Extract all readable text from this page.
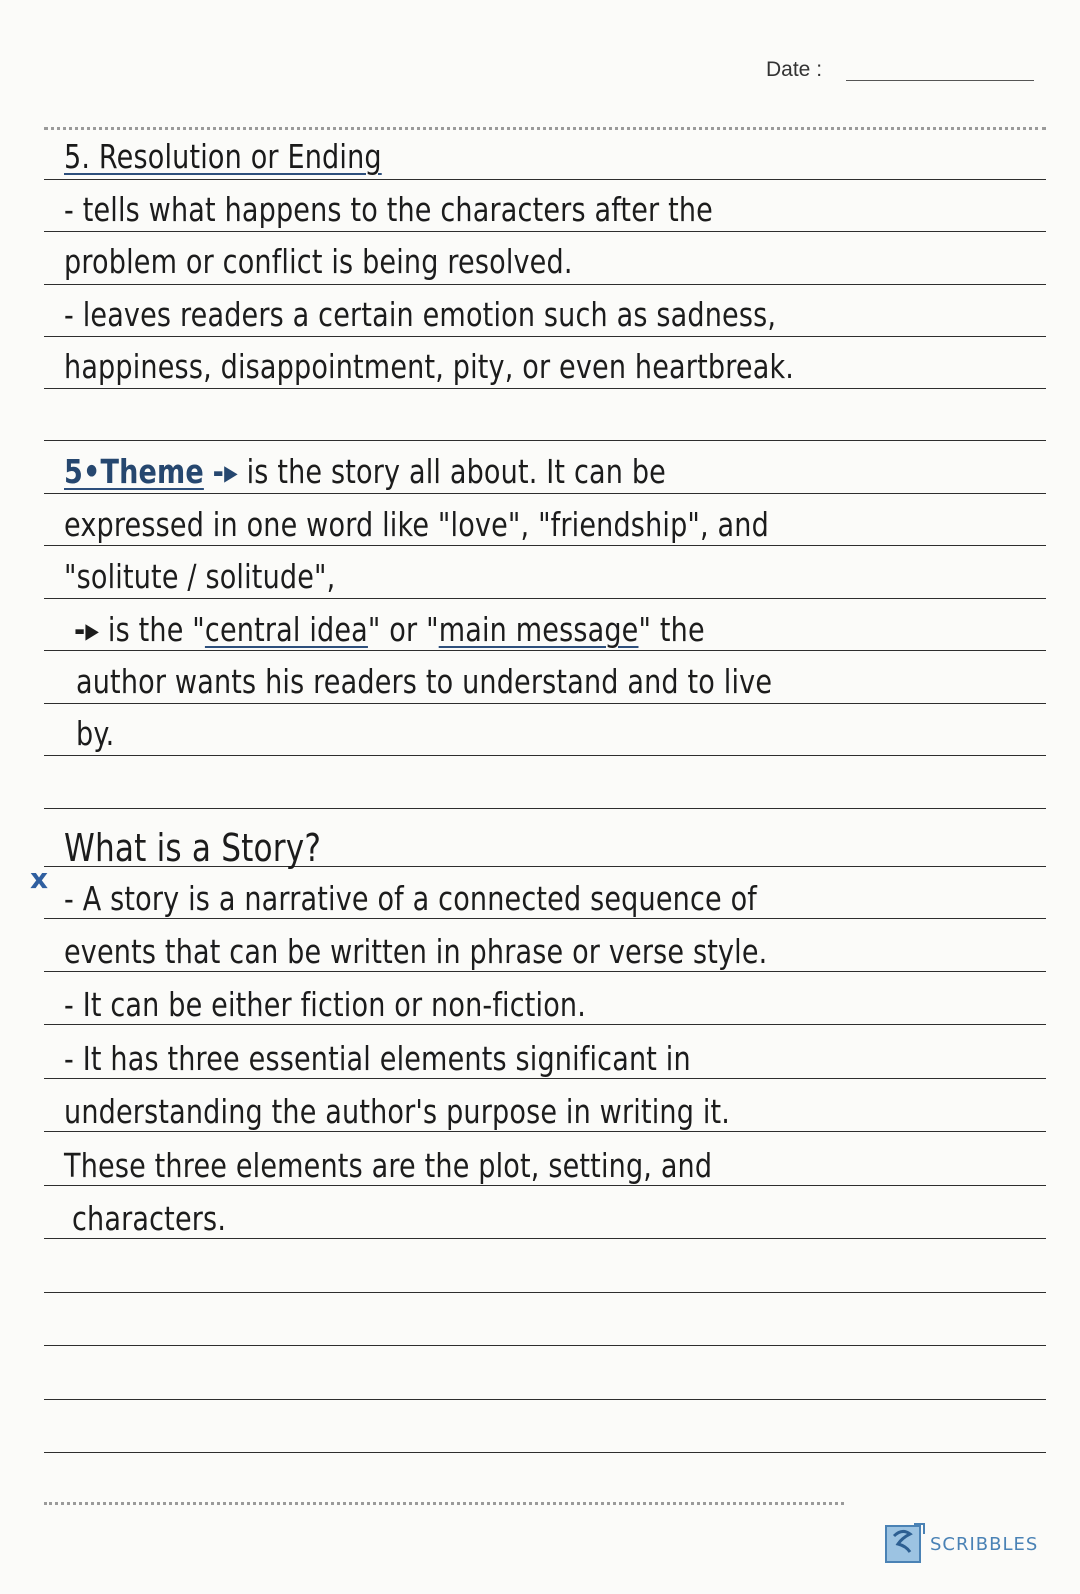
Date :
5. Resolution or Ending
- tells what happens to the characters after the
problem or conflict is being resolved.
- leaves readers a certain emotion such as sadness,
happiness, disappointment, pity, or even heartbreak.
5•Theme -▸ is the story all about. It can be
expressed in one word like "love", "friendship", and
"solitute / solitude",
-▸ is the "central idea" or "main message" the
author wants his readers to understand and to live
by.
x
What is a Story?
- A story is a narrative of a connected sequence of
events that can be written in phrase or verse style.
- It can be either fiction or non-fiction.
- It has three essential elements significant in
understanding the author's purpose in writing it.
These three elements are the plot, setting, and
characters.
SCRIBBLES
